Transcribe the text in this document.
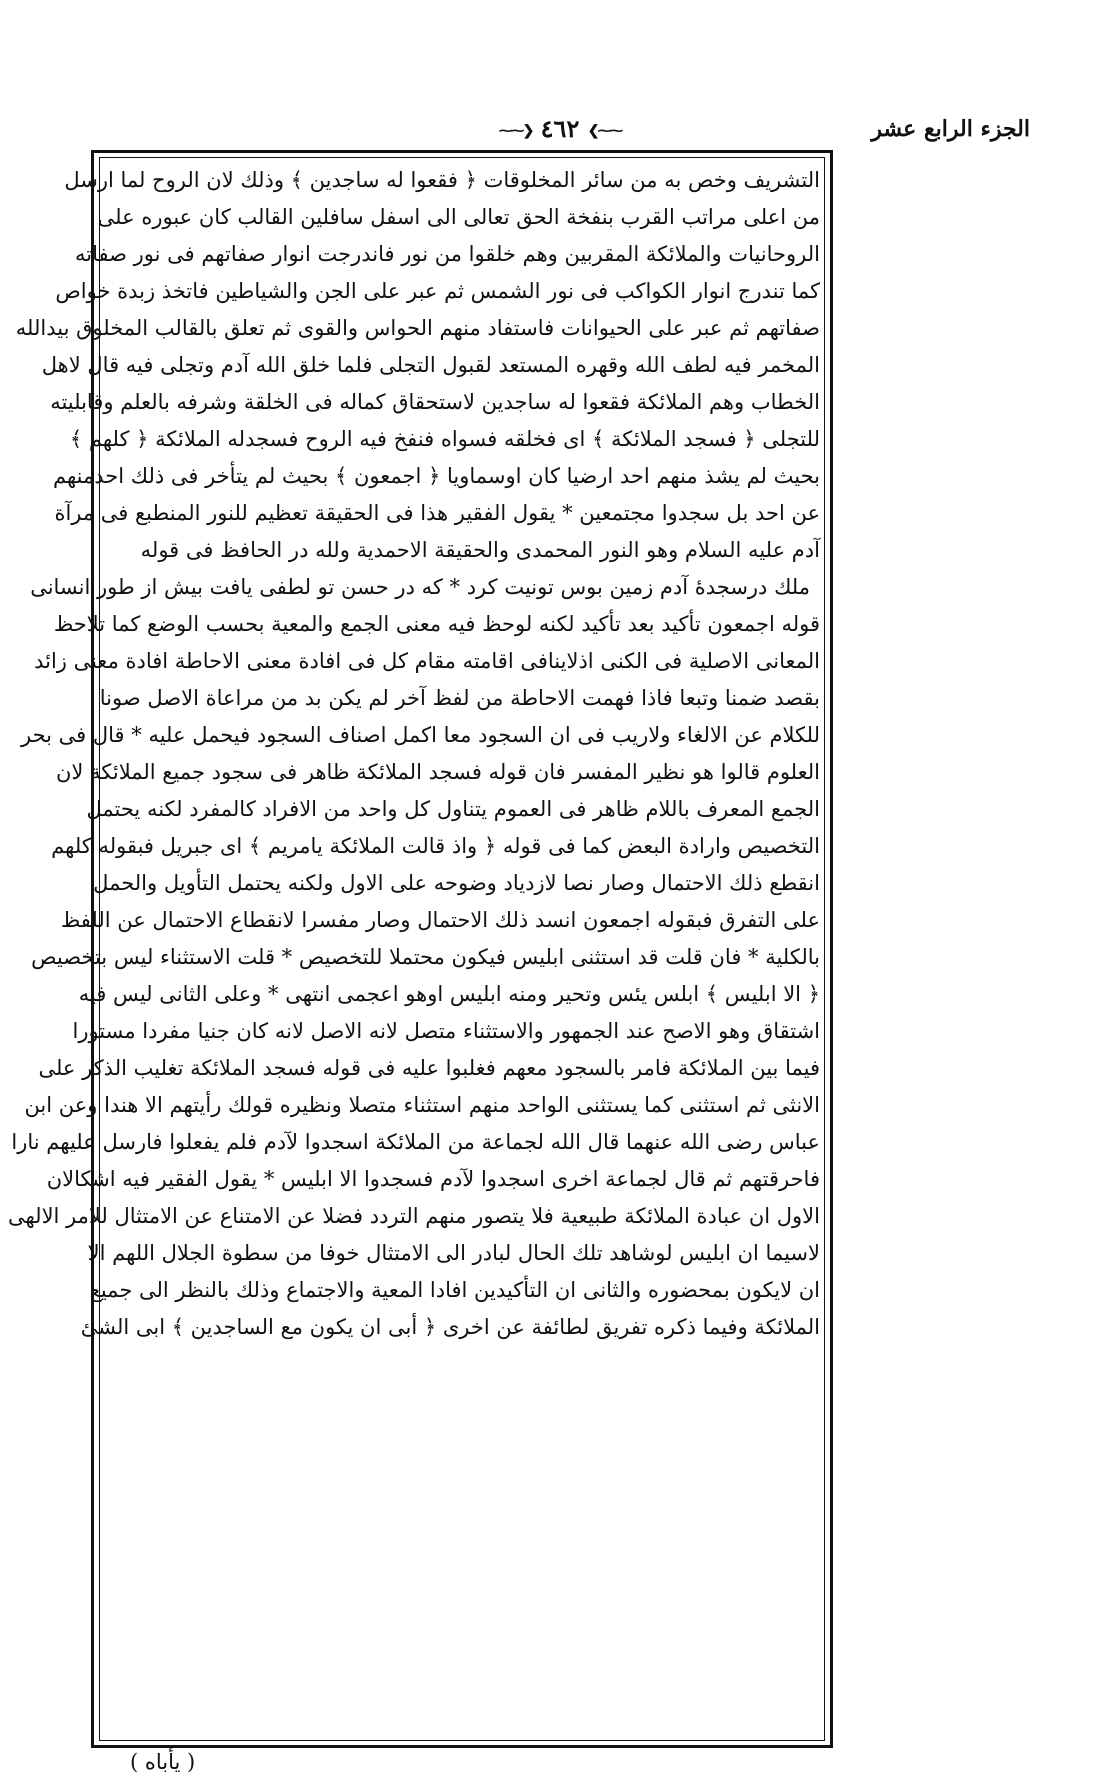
الجزء الرابع عشر
⁓⁓❯ ٤٦٢ ❮⁓⁓
التشريف وخص به من سائر المخلوقات ﴿ فقعوا له ساجدين ﴾ وذلك لان الروح لما ارسل
من اعلى مراتب القرب بنفخة الحق تعالى الى اسفل سافلين القالب كان عبوره على
الروحانيات والملائكة المقربين وهم خلقوا من نور فاندرجت انوار صفاتهم فى نور صفاته
كما تندرج انوار الكواكب فى نور الشمس ثم عبر على الجن والشياطين فاتخذ زبدة خواص
صفاتهم ثم عبر على الحيوانات فاستفاد منهم الحواس والقوى ثم تعلق بالقالب المخلوق بيدالله
المخمر فيه لطف الله وقهره المستعد لقبول التجلى فلما خلق الله آدم وتجلى فيه قال لاهل
الخطاب وهم الملائكة فقعوا له ساجدين لاستحقاق كماله فى الخلقة وشرفه بالعلم وقابليته
للتجلى ﴿ فسجد الملائكة ﴾ اى فخلقه فسواه فنفخ فيه الروح فسجدله الملائكة ﴿ كلهم ﴾
بحيث لم يشذ منهم احد ارضيا كان اوسماويا ﴿ اجمعون ﴾ بحيث لم يتأخر فى ذلك احدمنهم
عن احد بل سجدوا مجتمعين * يقول الفقير هذا فى الحقيقة تعظيم للنور المنطبع فى مرآة
آدم عليه السلام وهو النور المحمدى والحقيقة الاحمدية ولله در الحافظ فى قوله
ملك درسجدهٔ آدم زمين بوس تونيت كرد * كه در حسن تو لطفى يافت بيش از طور انسانى
قوله اجمعون تأكيد بعد تأكيد لكنه لوحظ فيه معنى الجمع والمعية بحسب الوضع كما تلاحظ
المعانى الاصلية فى الكنى اذلاينافى اقامته مقام كل فى افادة معنى الاحاطة افادة معنى زائد
بقصد ضمنا وتبعا فاذا فهمت الاحاطة من لفظ آخر لم يكن بد من مراعاة الاصل صونا
للكلام عن الالغاء ولاريب فى ان السجود معا اكمل اصناف السجود فيحمل عليه * قال فى بحر
العلوم قالوا هو نظير المفسر فان قوله فسجد الملائكة ظاهر فى سجود جميع الملائكة لان
الجمع المعرف باللام ظاهر فى العموم يتناول كل واحد من الافراد كالمفرد لكنه يحتمل
التخصيص وارادة البعض كما فى قوله ﴿ واذ قالت الملائكة يامريم ﴾ اى جبريل فبقوله كلهم
انقطع ذلك الاحتمال وصار نصا لازدياد وضوحه على الاول ولكنه يحتمل التأويل والحمل
على التفرق فبقوله اجمعون انسد ذلك الاحتمال وصار مفسرا لانقطاع الاحتمال عن اللفظ
بالكلية * فان قلت قد استثنى ابليس فيكون محتملا للتخصيص * قلت الاستثناء ليس بتخصيص
﴿ الا ابليس ﴾ ابلس يئس وتحير ومنه ابليس اوهو اعجمى انتهى * وعلى الثانى ليس فيه
اشتقاق وهو الاصح عند الجمهور والاستثناء متصل لانه الاصل لانه كان جنيا مفردا مستورا
فيما بين الملائكة فامر بالسجود معهم فغلبوا عليه فى قوله فسجد الملائكة تغليب الذكر على
الانثى ثم استثنى كما يستثنى الواحد منهم استثناء متصلا ونظيره قولك رأيتهم الا هندا وعن ابن
عباس رضى الله عنهما قال الله لجماعة من الملائكة اسجدوا لآدم فلم يفعلوا فارسل عليهم نارا
فاحرقتهم ثم قال لجماعة اخرى اسجدوا لآدم فسجدوا الا ابليس * يقول الفقير فيه اشكالان
الاول ان عبادة الملائكة طبيعية فلا يتصور منهم التردد فضلا عن الامتناع عن الامتثال للامر الالهى
لاسيما ان ابليس لوشاهد تلك الحال لبادر الى الامتثال خوفا من سطوة الجلال اللهم الا
ان لايكون بمحضوره والثانى ان التأكيدين افادا المعية والاجتماع وذلك بالنظر الى جميع
الملائكة وفيما ذكره تفريق لطائفة عن اخرى ﴿ أبى ان يكون مع الساجدين ﴾ ابى الشئ
( يأباه )
